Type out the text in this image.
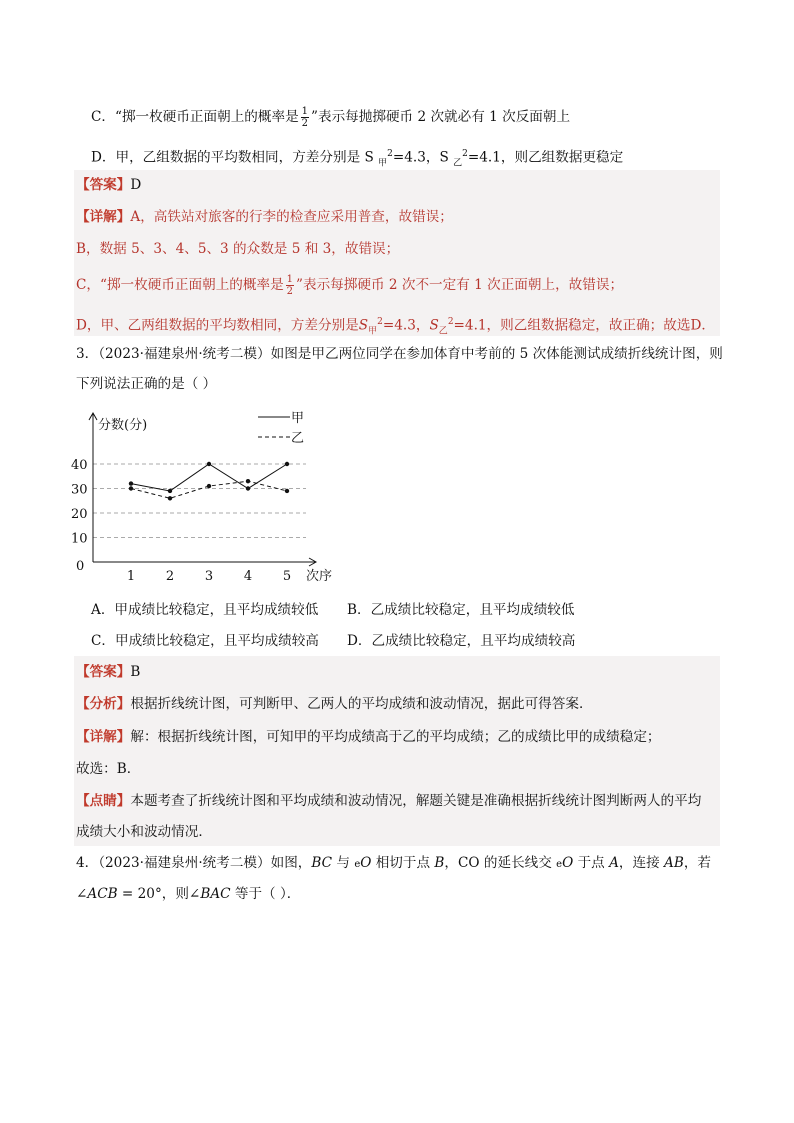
C．“掷一枚硬币正面朝上的概率是 $\frac{1}{2}$ ”表示每抛掷硬币 2 次就必有 1 次反面朝上
D．甲，乙组数据的平均数相同，方差分别是 S $_甲^2$=4.3，S $_乙^2$=4.1，则乙组数据更稳定
【答案】D
【详解】A，高铁站对旅客的行李的检查应采用普查，故错误；
B，数据 5、3、4、5、3 的众数是 5 和 3，故错误；
C，“掷一枚硬币正面朝上的概率是 $\frac{1}{2}$ ”表示每掷硬币 2 次不一定有 1 次正面朝上，故错误；
D，甲、乙两组数据的平均数相同，方差分别是$S_甲^2=4.3$，$S_乙^2=4.1$，则乙组数据稳定，故正确；故选D．
3．（2023·福建泉州·统考二模）如图是甲乙两位同学在参加体育中考前的 5 次体能测试成绩折线统计图，则
下列说法正确的是（ ）
0
10
20
30
40
1 2 3 4 5
分数(分)
次序
甲
乙
A．甲成绩比较稳定，且平均成绩较低 B．乙成绩比较稳定，且平均成绩较低
C．甲成绩比较稳定，且平均成绩较高 D．乙成绩比较稳定，且平均成绩较高
【答案】B
【分析】根据折线统计图，可判断甲、乙两人的平均成绩和波动情况，据此可得答案．
【详解】解：根据折线统计图，可知甲的平均成绩高于乙的平均成绩；乙的成绩比甲的成绩稳定；
故选：B．
【点睛】本题考查了折线统计图和平均成绩和波动情况，解题关键是准确根据折线统计图判断两人的平均
成绩大小和波动情况．
4．（2023·福建泉州·统考二模）如图，BC 与 eO 相切于点 B，CO 的延长线交 eO 于点 A，连接 AB，若
∠ACB = 20°，则∠BAC 等于（ ）．
